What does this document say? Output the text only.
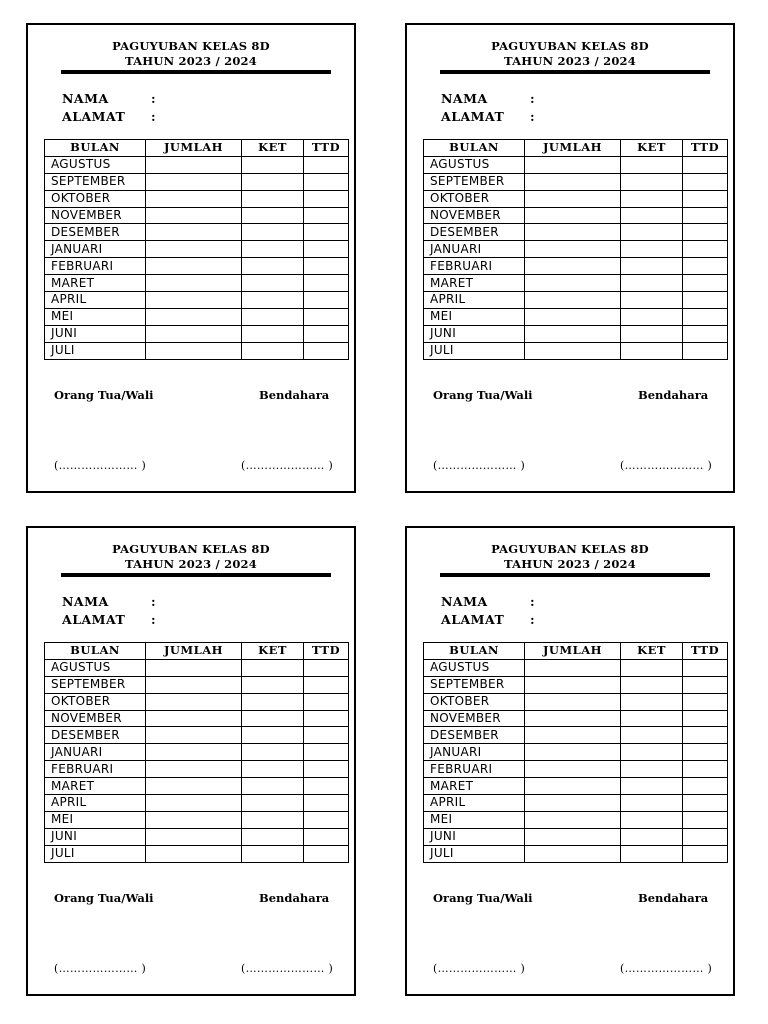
PAGUYUBAN KELAS 8D
TAHUN 2023 / 2024
NAMA	:
ALAMAT :
BULAN	JUMLAH	KET	TTD
AGUSTUS			
SEPTEMBER			
OKTOBER			
NOVEMBER			
DESEMBER			
JANUARI			
FEBRUARI			
MARET			
APRIL			
MEI			
JUNI			
JULI			
Orang Tua/Wali	Bendahara
(………………… )	(………………… )
PAGUYUBAN KELAS 8D
TAHUN 2023 / 2024
NAMA	:
ALAMAT :
BULAN	JUMLAH	KET	TTD
AGUSTUS			
SEPTEMBER			
OKTOBER			
NOVEMBER			
DESEMBER			
JANUARI			
FEBRUARI			
MARET			
APRIL			
MEI			
JUNI			
JULI			
Orang Tua/Wali	Bendahara
(………………… )	(………………… )
PAGUYUBAN KELAS 8D
TAHUN 2023 / 2024
NAMA	:
ALAMAT :
BULAN	JUMLAH	KET	TTD
AGUSTUS			
SEPTEMBER			
OKTOBER			
NOVEMBER			
DESEMBER			
JANUARI			
FEBRUARI			
MARET			
APRIL			
MEI			
JUNI			
JULI			
Orang Tua/Wali	Bendahara
(………………… )	(………………… )
PAGUYUBAN KELAS 8D
TAHUN 2023 / 2024
NAMA	:
ALAMAT :
BULAN	JUMLAH	KET	TTD
AGUSTUS			
SEPTEMBER			
OKTOBER			
NOVEMBER			
DESEMBER			
JANUARI			
FEBRUARI			
MARET			
APRIL			
MEI			
JUNI			
JULI			
Orang Tua/Wali	Bendahara
(………………… )	(………………… )
